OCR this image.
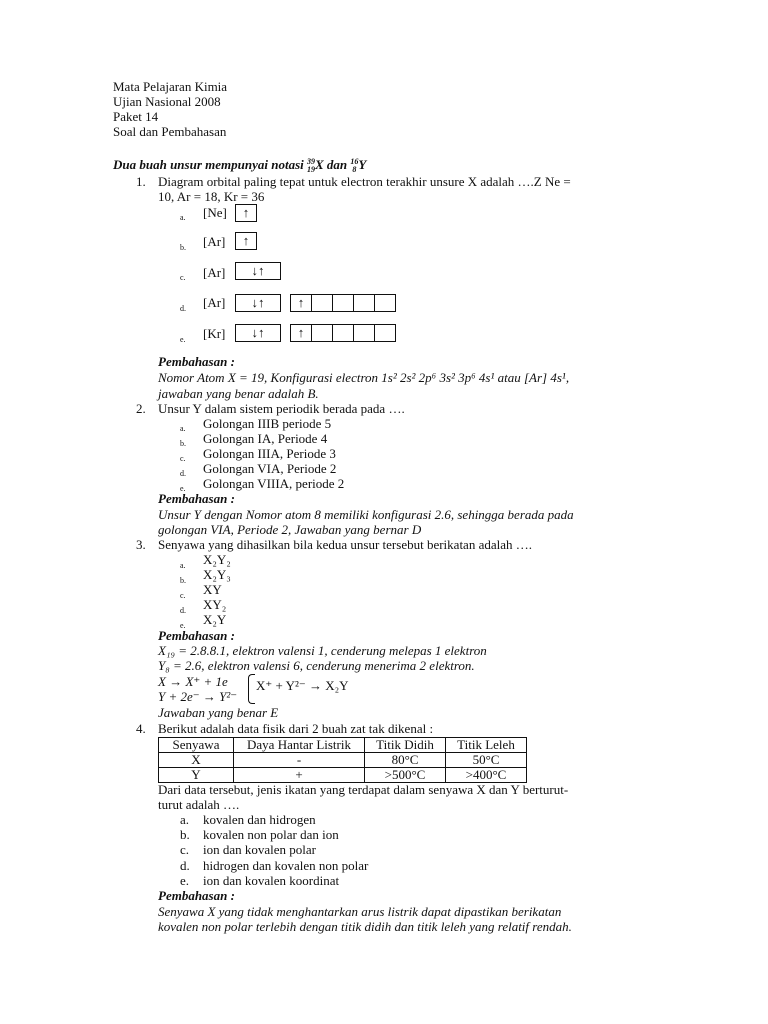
Mata Pelajaran Kimia
Ujian Nasional 2008
Paket 14
Soal dan Pembahasan
Dua buah unsur mempunyai notasi 39
19 X dan 16
8 Y
1. Diagram orbital paling tepat untuk electron terakhir unsure X adalah ….Z Ne =
10, Ar = 18, Kr = 36
a. [Ne]	↑
b. [Ar]	↑
c. [Ar]	↓↑
d. [Ar]	↓↑	↑
e. [Kr]	↓↑	↑
Pembahasan :
Nomor Atom X = 19, Konfigurasi electron 1s² 2s² 2p⁶ 3s² 3p⁶ 4s¹ atau [Ar] 4s¹,
jawaban yang benar adalah B.
2. Unsur Y dalam sistem periodik berada pada ….
a. Golongan IIIB periode 5
b. Golongan IA, Periode 4
c. Golongan IIIA, Periode 3
d. Golongan VIA, Periode 2
e. Golongan VIIIA, periode 2
Pembahasan :
Unsur Y dengan Nomor atom 8 memiliki konfigurasi 2.6, sehingga berada pada
golongan VIA, Periode 2, Jawaban yang bernar D
3. Senyawa yang dihasilkan bila kedua unsur tersebut berikatan adalah ….
a. X₂Y₂
b. X₂Y₃
c. XY
d. XY₂
e. X₂Y
Pembahasan :
X₁₉ = 2.8.8.1, elektron valensi 1, cenderung melepas 1 elektron
Y₈ = 2.6, elektron valensi 6, cenderung menerima 2 elektron.
X → X⁺ + 1e
Y + 2e⁻ → Y²⁻
X⁺ + Y²⁻ → X₂Y
Jawaban yang benar E
4. Berikut adalah data fisik dari 2 buah zat tak dikenal :
Senyawa	Daya Hantar Listrik	Titik Didih	Titik Leleh
X	-	80°C	50°C
Y	+	>500°C	>400°C
Dari data tersebut, jenis ikatan yang terdapat dalam senyawa X dan Y berturut-
turut adalah ….
a. kovalen dan hidrogen
b. kovalen non polar dan ion
c. ion dan kovalen polar
d. hidrogen dan kovalen non polar
e. ion dan kovalen koordinat
Pembahasan :
Senyawa X yang tidak menghantarkan arus listrik dapat dipastikan berikatan
kovalen non polar terlebih dengan titik didih dan titik leleh yang relatif rendah.
